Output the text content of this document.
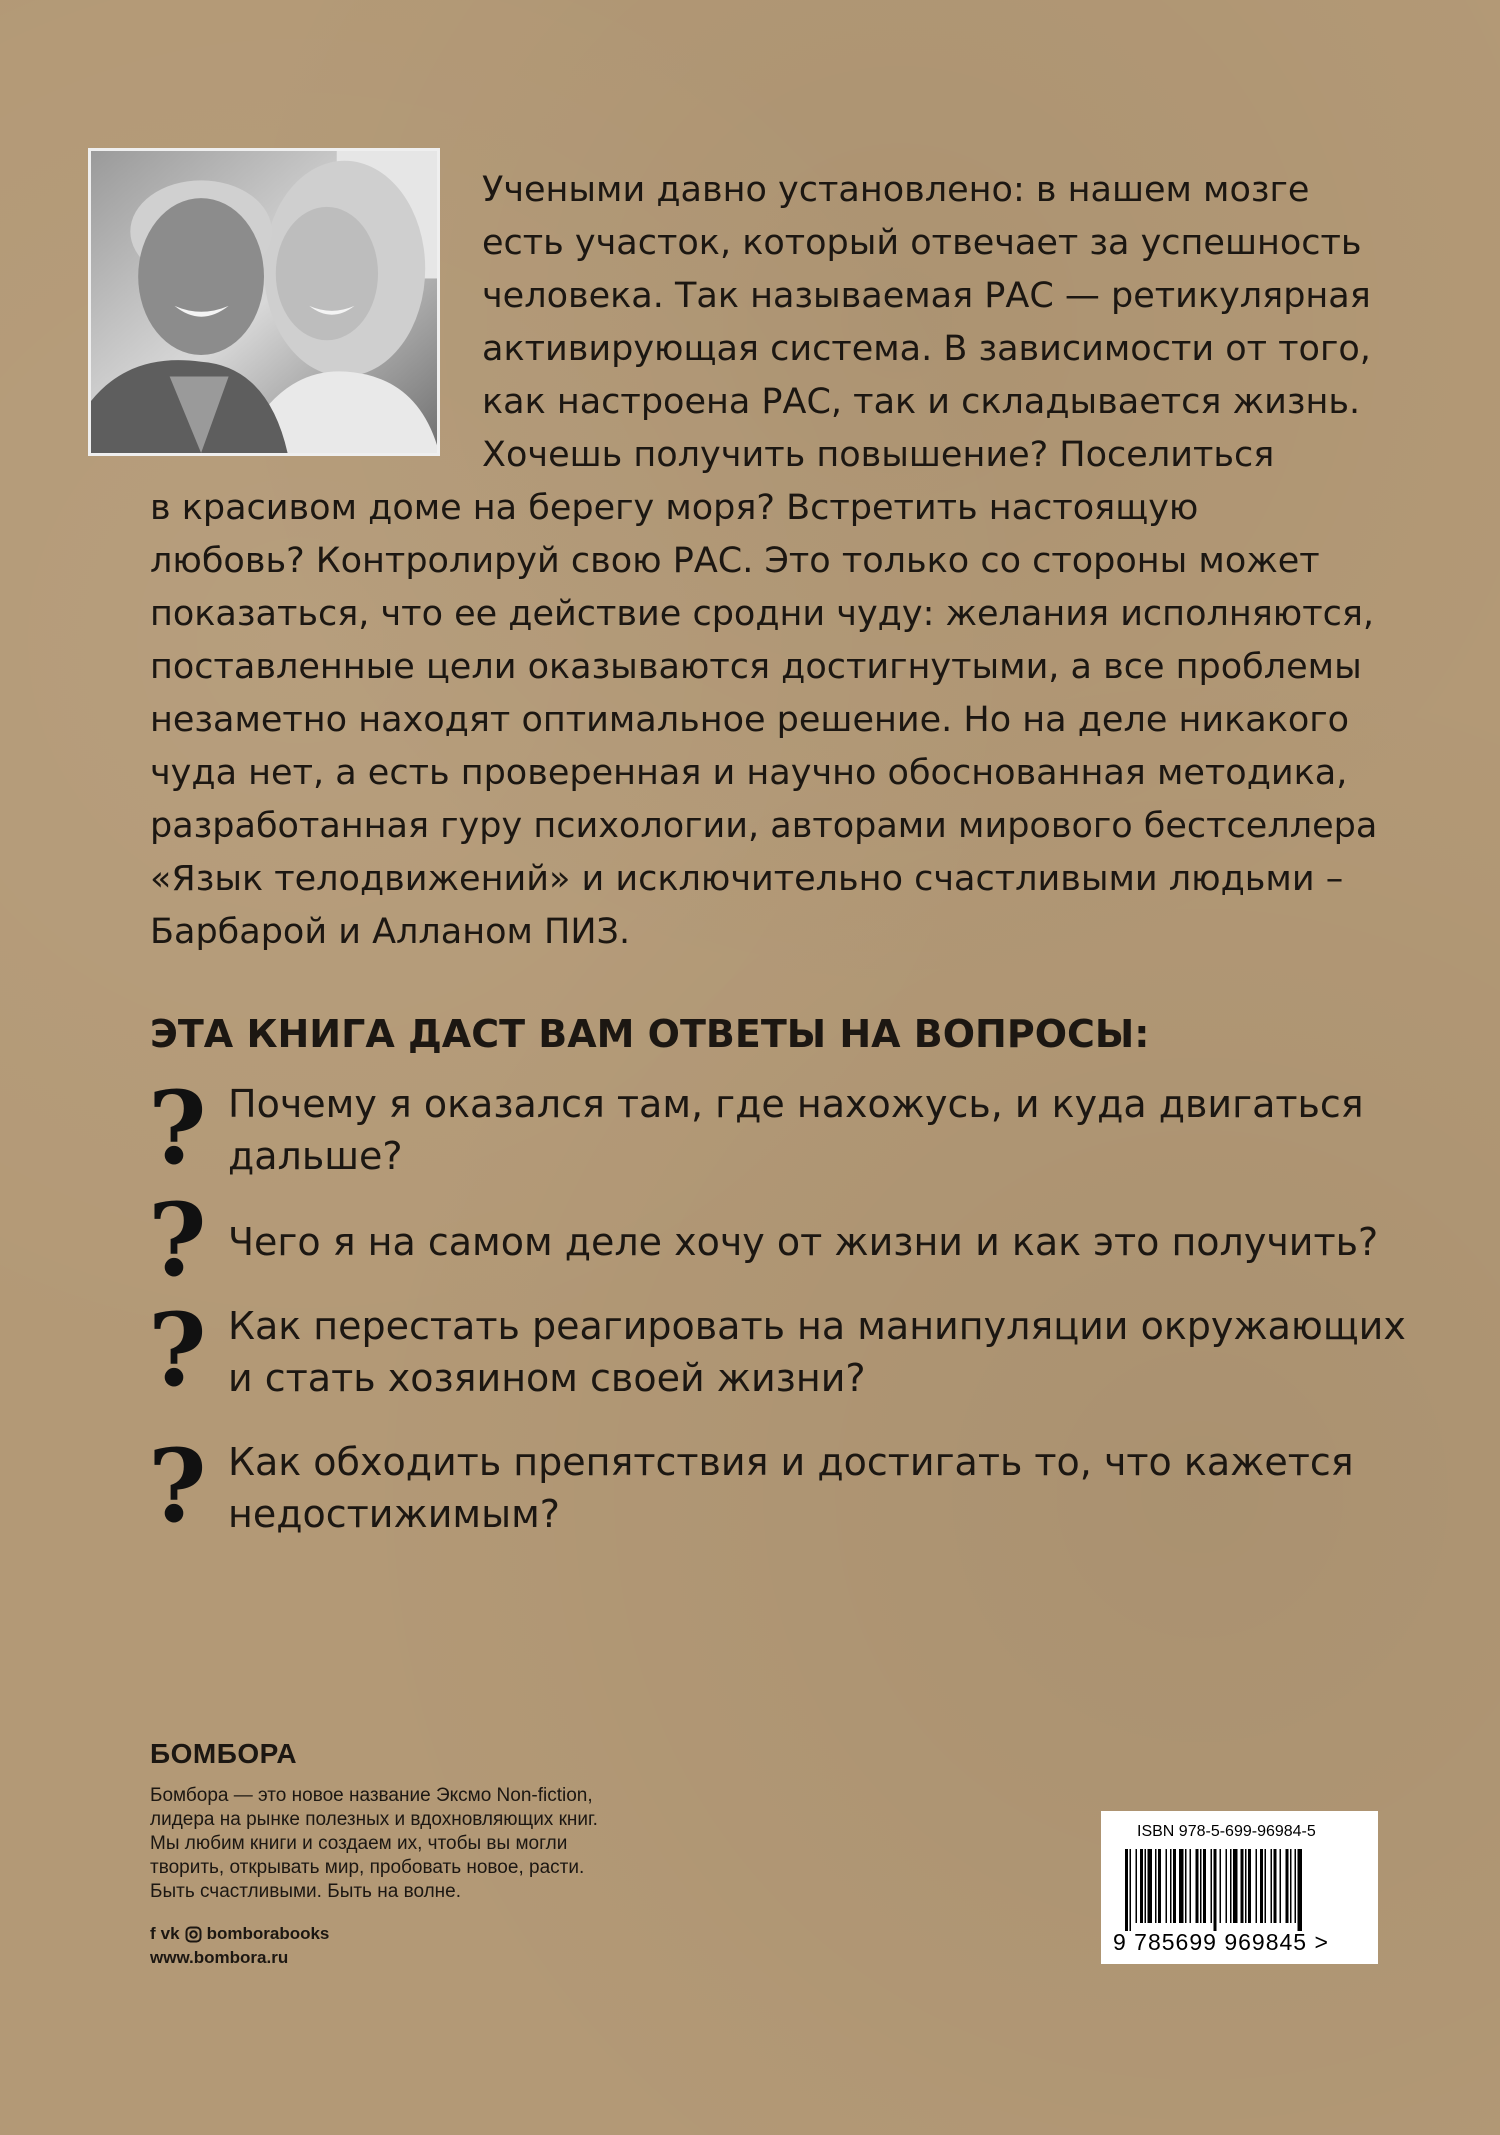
Учеными давно установлено: в нашем мозге

есть участок, который отвечает за успешность

человека. Так называемая РАС — ретикулярная

активирующая система. В зависимости от того,

как настроена РАС, так и складывается жизнь.

Хочешь получить повышение? Поселиться

в красивом доме на берегу моря? Встретить настоящую

любовь? Контролируй свою РАС. Это только со стороны может

показаться, что ее действие сродни чуду: желания исполняются,

поставленные цели оказываются достигнутыми, а все проблемы

незаметно находят оптимальное решение. Но на деле никакого

чуда нет, а есть проверенная и научно обоснованная методика,

разработанная гуру психологии, авторами мирового бестселлера

«Язык телодвижений» и исключительно счастливыми людьми –

Барбарой и Алланом ПИЗ.

ЭТА КНИГА ДАСТ ВАМ ОТВЕТЫ НА ВОПРОСЫ:
? Почему я оказался там, где нахожусь, и куда двигаться

дальше?

? Чего я на самом деле хочу от жизни и как это получить?

? Как перестать реагировать на манипуляции окружающих

и стать хозяином своей жизни?

? Как обходить препятствия и достигать то, что кажется

недостижимым?

БОМБОРА

Бомбора — это новое название Эксмо Non-fiction,

лидера на рынке полезных и вдохновляющих книг.

Мы любим книги и создаем их, чтобы вы могли

творить, открывать мир, пробовать новое, расти.

Быть счастливыми. Быть на волне.

f vk bomborabooks
www.bombora.ru
ISBN 978-5-699-96984-5
9 785699 969845 >
